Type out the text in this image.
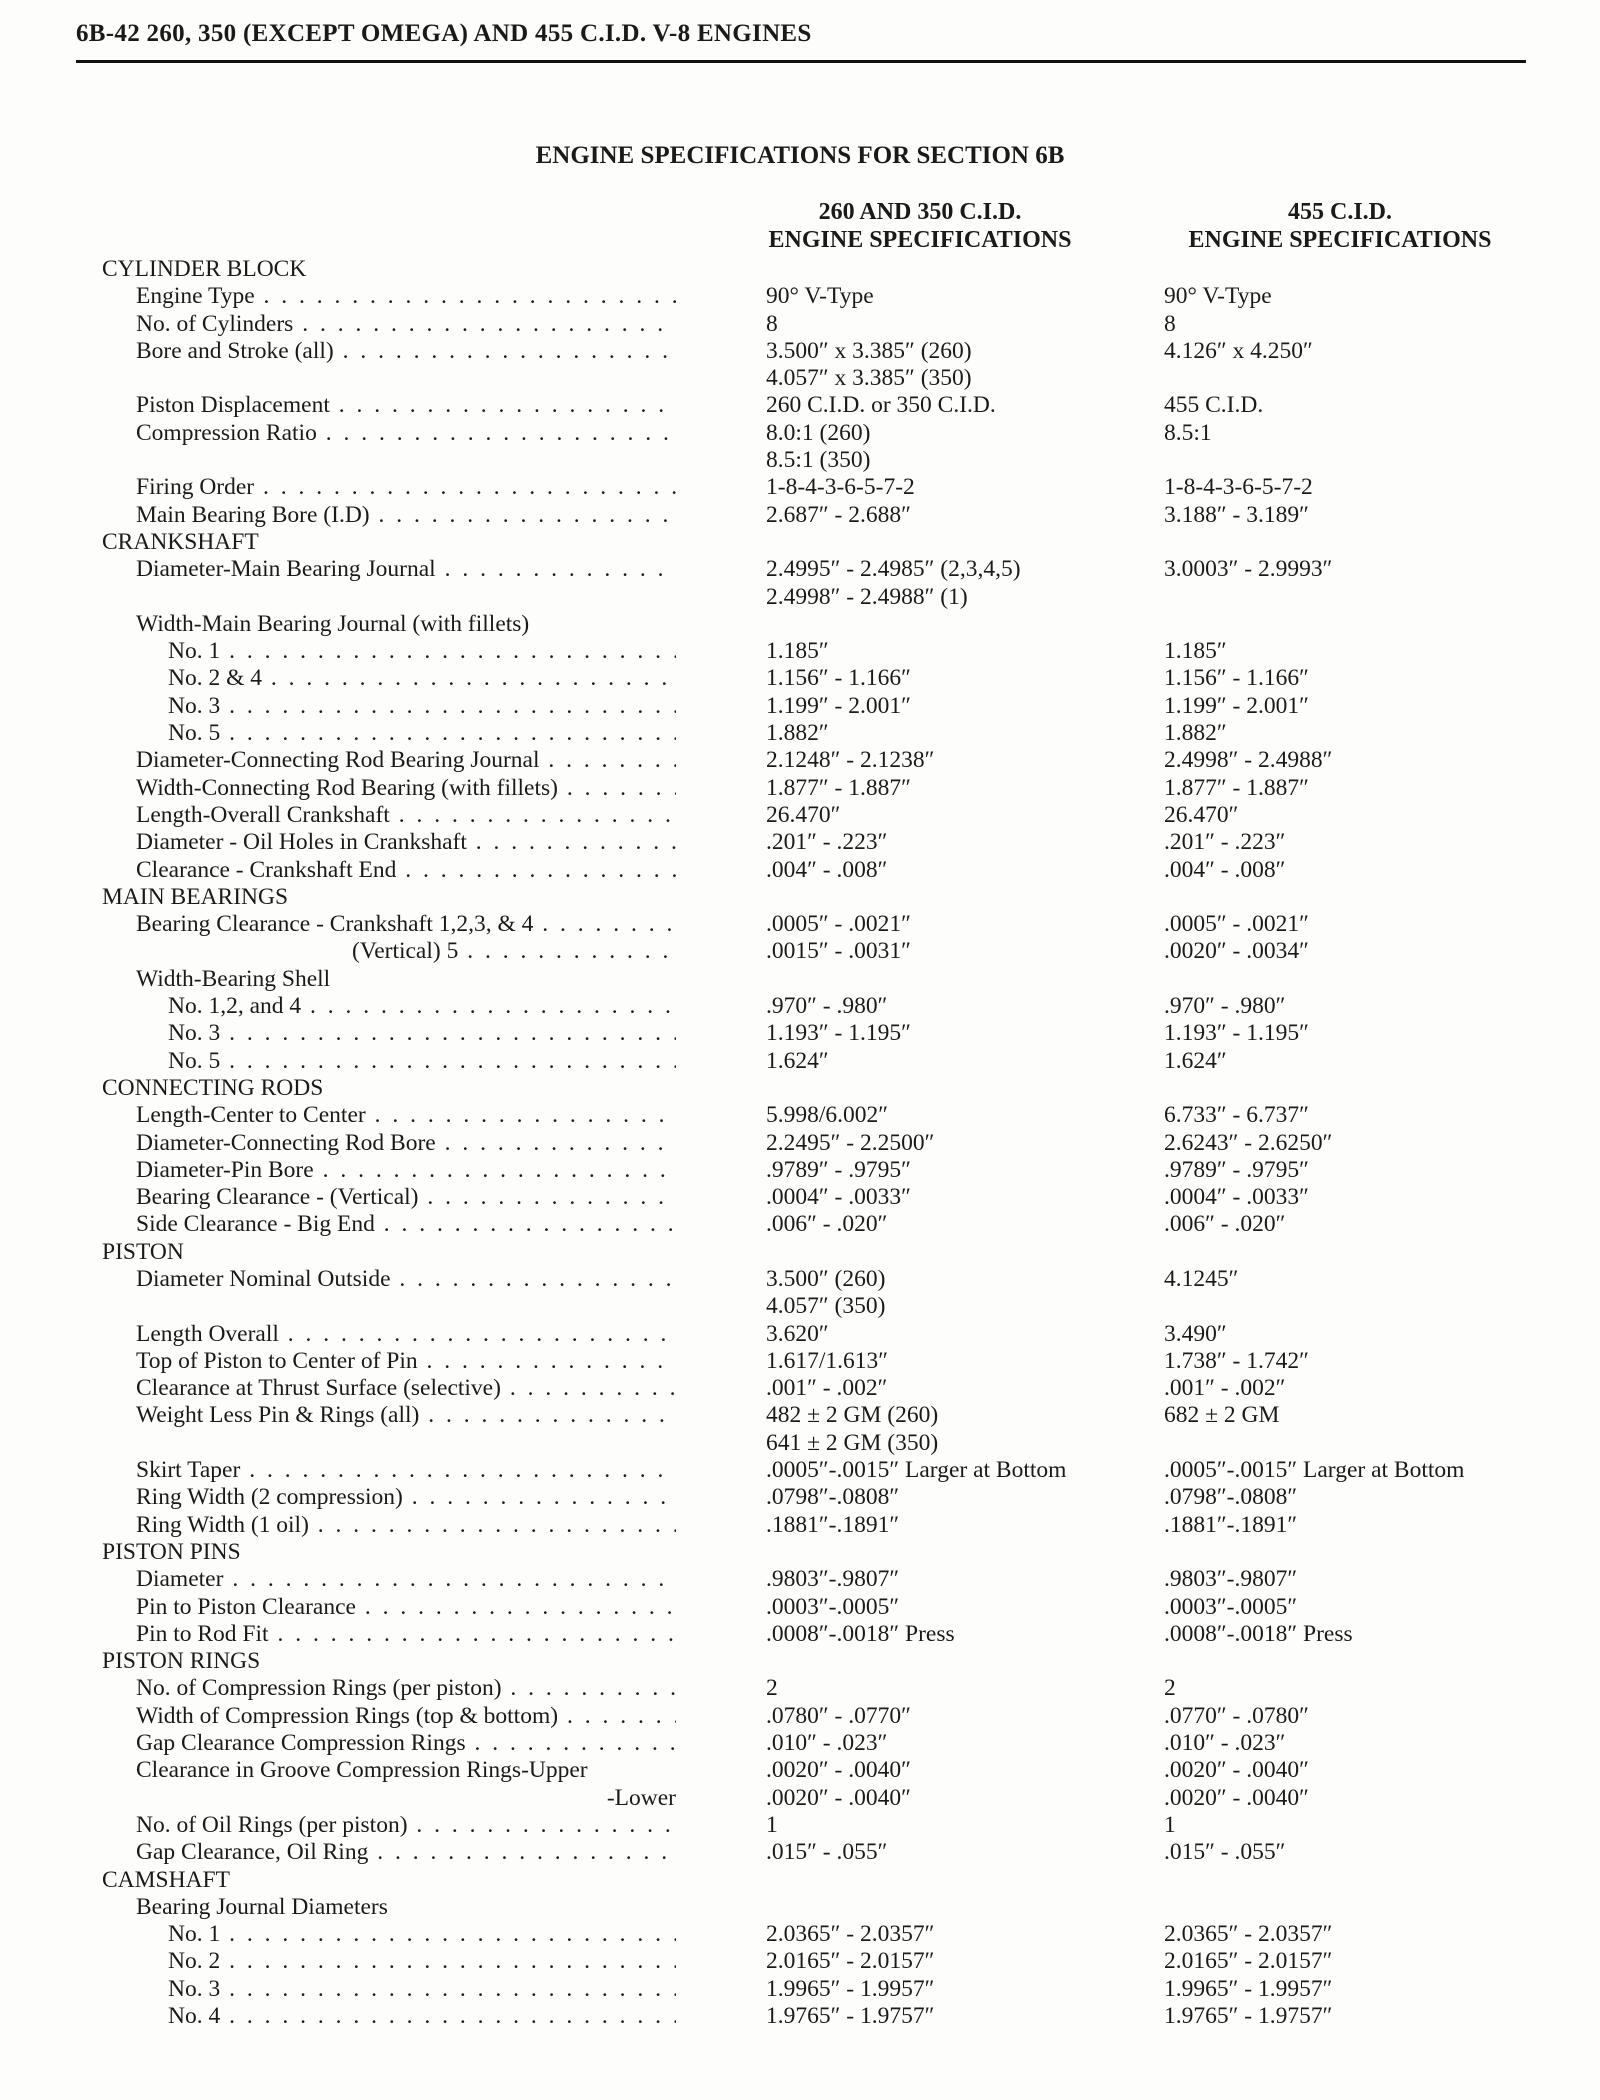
6B-42 260, 350 (EXCEPT OMEGA) AND 455 C.I.D. V-8 ENGINES
ENGINE SPECIFICATIONS FOR SECTION 6B
260 AND 350 C.I.D.
ENGINE SPECIFICATIONS
455 C.I.D.
ENGINE SPECIFICATIONS
CYLINDER BLOCK
Engine Type . . .	90° V-Type	90° V-Type
No. of Cylinders . . .	8	8
Bore and Stroke (all) . . .	3.500″ x 3.385″ (260)	4.126″ x 4.250″
4.057″ x 3.385″ (350)
Piston Displacement . . .	260 C.I.D. or 350 C.I.D.	455 C.I.D.
Compression Ratio . . .	8.0:1 (260)	8.5:1
8.5:1 (350)
Firing Order . . .	1-8-4-3-6-5-7-2	1-8-4-3-6-5-7-2
Main Bearing Bore (I.D) . . .	2.687″ - 2.688″	3.188″ - 3.189″
CRANKSHAFT
Diameter-Main Bearing Journal . . .	2.4995″ - 2.4985″ (2,3,4,5)	3.0003″ - 2.9993″
2.4998″ - 2.4988″ (1)
Width-Main Bearing Journal (with fillets)
No. 1 . . .	1.185″	1.185″
No. 2 & 4 . . .	1.156″ - 1.166″	1.156″ - 1.166″
No. 3 . . .	1.199″ - 2.001″	1.199″ - 2.001″
No. 5 . . .	1.882″	1.882″
Diameter-Connecting Rod Bearing Journal . . .	2.1248″ - 2.1238″	2.4998″ - 2.4988″
Width-Connecting Rod Bearing (with fillets) . . .	1.877″ - 1.887″	1.877″ - 1.887″
Length-Overall Crankshaft . . .	26.470″	26.470″
Diameter - Oil Holes in Crankshaft . . .	.201″ - .223″	.201″ - .223″
Clearance - Crankshaft End . . .	.004″ - .008″	.004″ - .008″
MAIN BEARINGS
Bearing Clearance - Crankshaft 1,2,3, & 4 . . .	.0005″ - .0021″	.0005″ - .0021″
(Vertical) 5 . . .	.0015″ - .0031″	.0020″ - .0034″
Width-Bearing Shell
No. 1,2, and 4 . . .	.970″ - .980″	.970″ - .980″
No. 3 . . .	1.193″ - 1.195″	1.193″ - 1.195″
No. 5 . . .	1.624″	1.624″
CONNECTING RODS
Length-Center to Center . . .	5.998/6.002″	6.733″ - 6.737″
Diameter-Connecting Rod Bore . . .	2.2495″ - 2.2500″	2.6243″ - 2.6250″
Diameter-Pin Bore . . .	.9789″ - .9795″	.9789″ - .9795″
Bearing Clearance - (Vertical) . . .	.0004″ - .0033″	.0004″ - .0033″
Side Clearance - Big End . . .	.006″ - .020″	.006″ - .020″
PISTON
Diameter Nominal Outside . . .	3.500″ (260)	4.1245″
4.057″ (350)
Length Overall . . .	3.620″	3.490″
Top of Piston to Center of Pin . . .	1.617/1.613″	1.738″ - 1.742″
Clearance at Thrust Surface (selective) . . .	.001″ - .002″	.001″ - .002″
Weight Less Pin & Rings (all) . . .	482 ± 2 GM (260)	682 ± 2 GM
641 ± 2 GM (350)
Skirt Taper . . .	.0005″-.0015″ Larger at Bottom	.0005″-.0015″ Larger at Bottom
Ring Width (2 compression) . . .	.0798″-.0808″	.0798″-.0808″
Ring Width (1 oil) . . .	.1881″-.1891″	.1881″-.1891″
PISTON PINS
Diameter . . .	.9803″-.9807″	.9803″-.9807″
Pin to Piston Clearance . . .	.0003″-.0005″	.0003″-.0005″
Pin to Rod Fit . . .	.0008″-.0018″ Press	.0008″-.0018″ Press
PISTON RINGS
No. of Compression Rings (per piston) . . .	2	2
Width of Compression Rings (top & bottom) . . .	.0780″ - .0770″	.0770″ - .0780″
Gap Clearance Compression Rings . . .	.010″ - .023″	.010″ - .023″
Clearance in Groove Compression Rings-Upper	.0020″ - .0040″	.0020″ - .0040″
-Lower	.0020″ - .0040″	.0020″ - .0040″
No. of Oil Rings (per piston) . . .	1	1
Gap Clearance, Oil Ring . . .	.015″ - .055″	.015″ - .055″
CAMSHAFT
Bearing Journal Diameters
No. 1 . . .	2.0365″ - 2.0357″	2.0365″ - 2.0357″
No. 2 . . .	2.0165″ - 2.0157″	2.0165″ - 2.0157″
No. 3 . . .	1.9965″ - 1.9957″	1.9965″ - 1.9957″
No. 4 . . .	1.9765″ - 1.9757″	1.9765″ - 1.9757″
